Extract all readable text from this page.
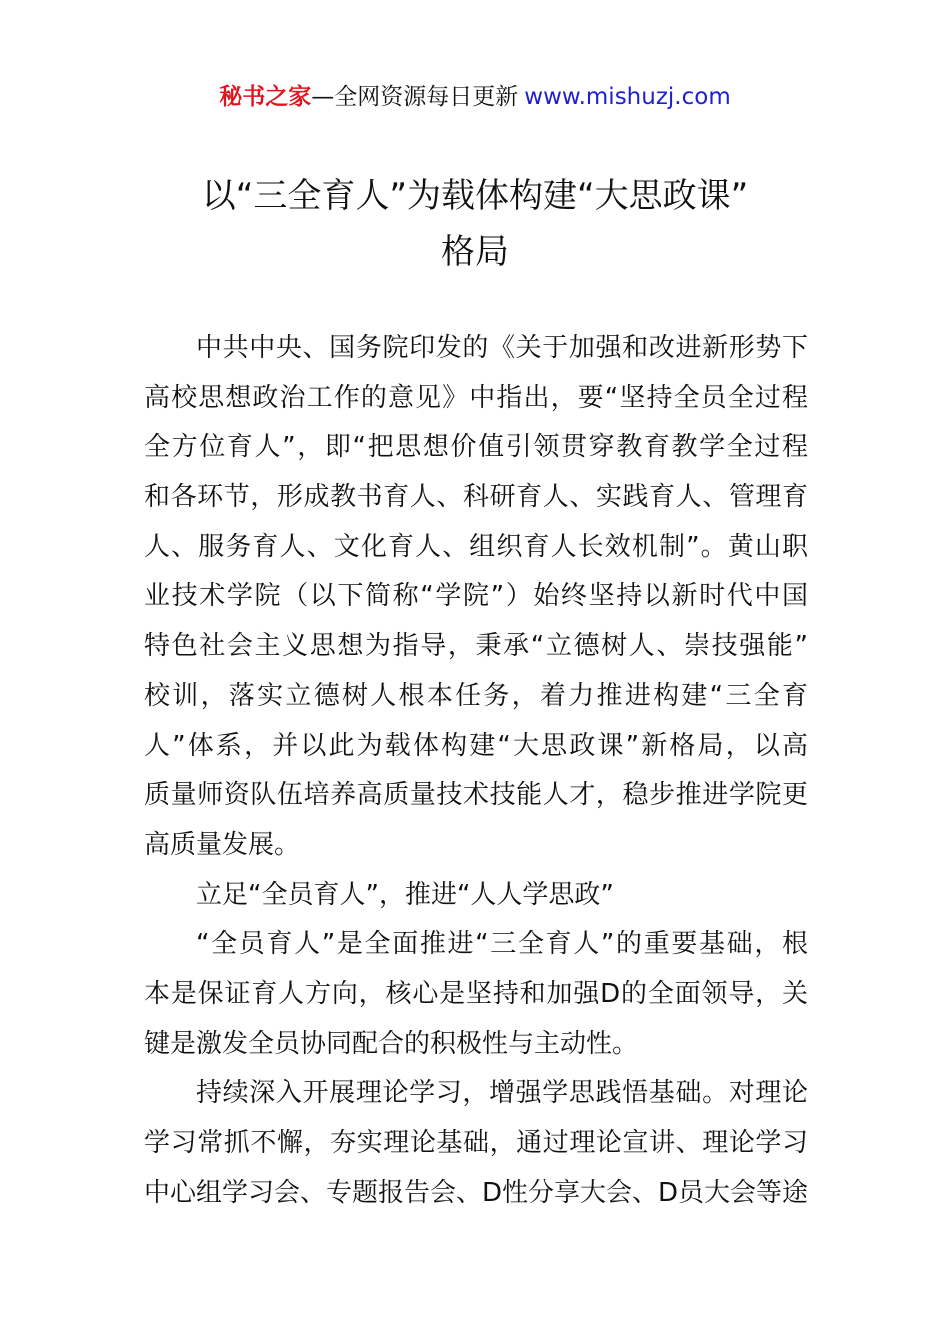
秘书之家—全网资源每日更新 www.mishuzj.com
以“三全育人”为载体构建“大思政课”
格局
中共中央、国务院印发的《关于加强和改进新形势下
高校思想政治工作的意见》中指出，要“坚持全员全过程
全方位育人”，即“把思想价值引领贯穿教育教学全过程
和各环节，形成教书育人、科研育人、实践育人、管理育
人、服务育人、文化育人、组织育人长效机制”。黄山职
业技术学院（以下简称“学院”）始终坚持以新时代中国
特色社会主义思想为指导，秉承“立德树人、崇技强能”
校训，落实立德树人根本任务，着力推进构建“三全育
人”体系，并以此为载体构建“大思政课”新格局，以高
质量师资队伍培养高质量技术技能人才，稳步推进学院更
高质量发展。
立足“全员育人”，推进“人人学思政”
“全员育人”是全面推进“三全育人”的重要基础，根
本是保证育人方向，核心是坚持和加强D的全面领导，关
键是激发全员协同配合的积极性与主动性。
持续深入开展理论学习，增强学思践悟基础。对理论
学习常抓不懈，夯实理论基础，通过理论宣讲、理论学习
中心组学习会、专题报告会、D性分享大会、D员大会等途
